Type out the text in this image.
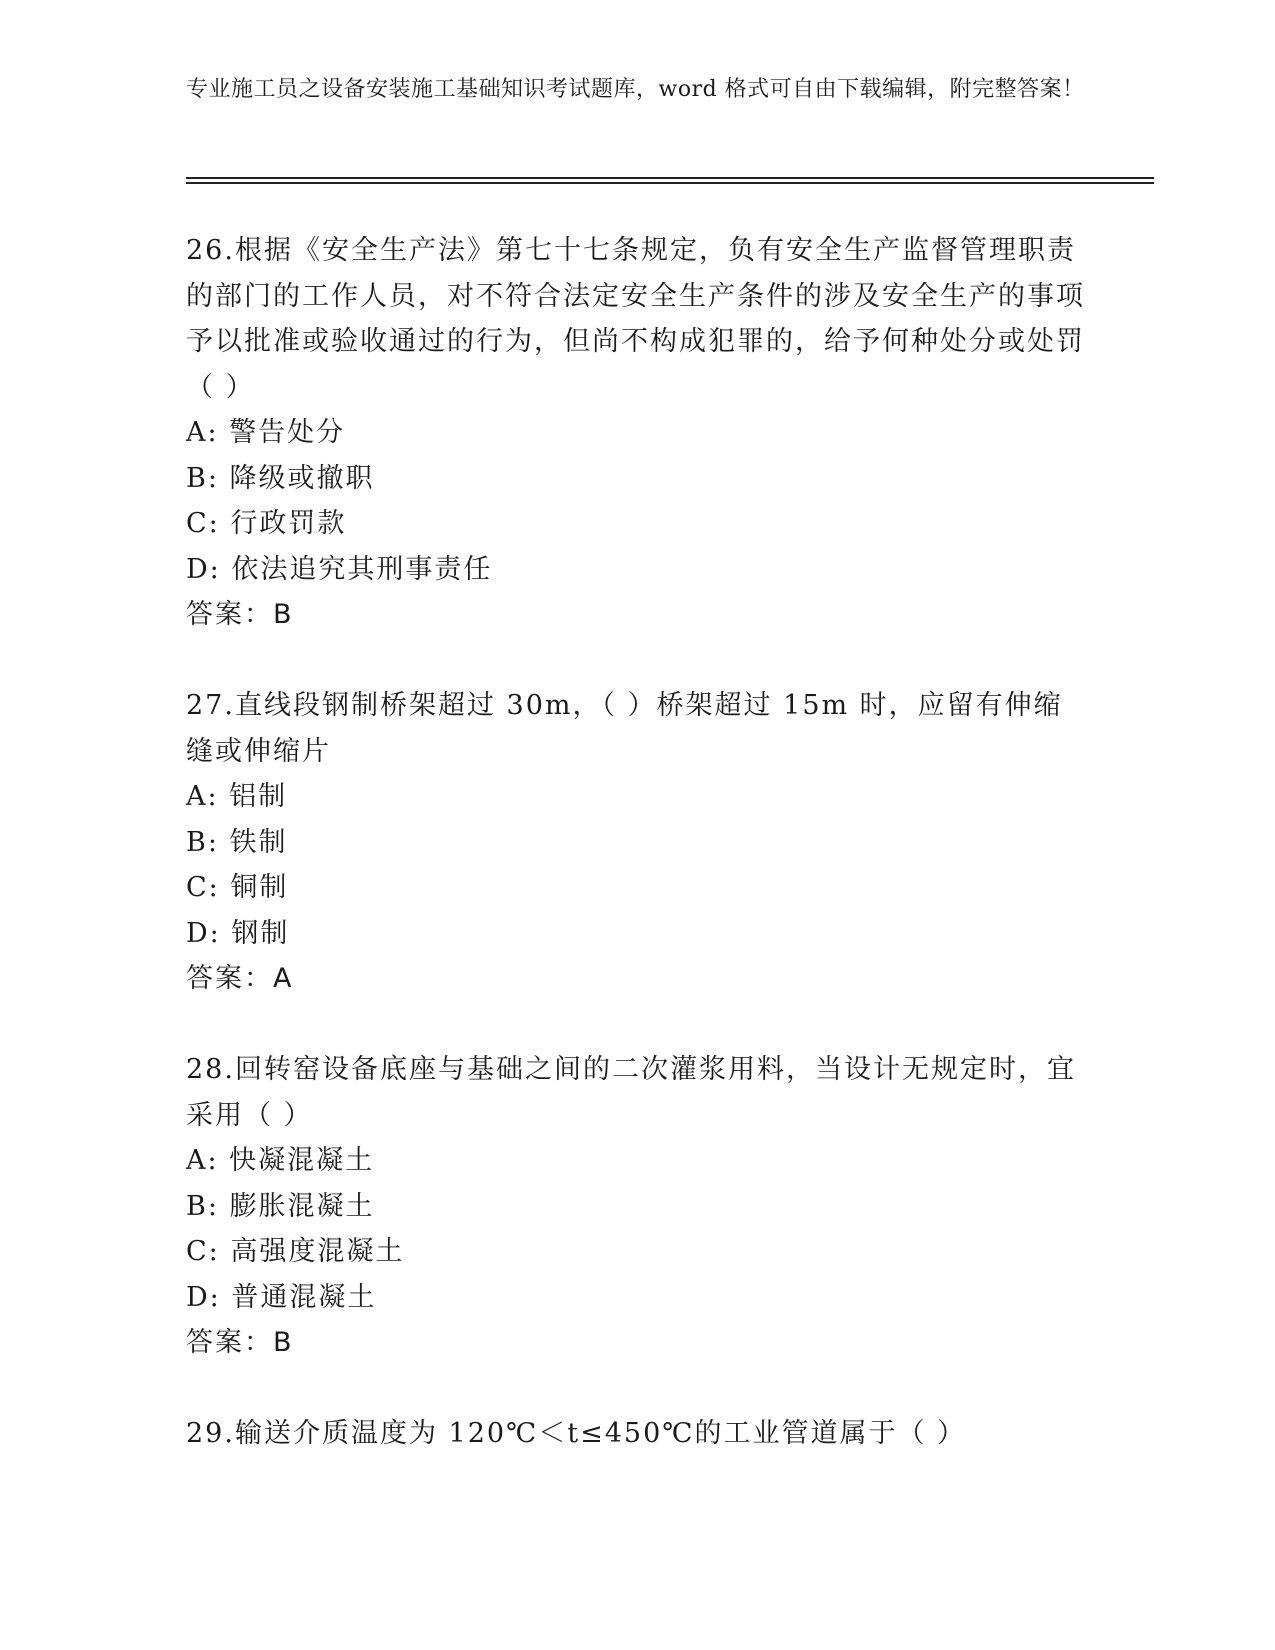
专业施工员之设备安装施工基础知识考试题库，word 格式可自由下载编辑，附完整答案！

26.根据《安全生产法》第七十七条规定，负有安全生产监督管理职责的部门的工作人员，对不符合法定安全生产条件的涉及安全生产的事项予以批准或验收通过的行为，但尚不构成犯罪的，给予何种处分或处罚（ ）

A: 警告处分

B: 降级或撤职

C: 行政罚款

D: 依法追究其刑事责任

答案：B

27.直线段钢制桥架超过 30m，（ ）桥架超过 15m 时，应留有伸缩缝或伸缩片

A: 铝制

B: 铁制

C: 铜制

D: 钢制

答案：A

28.回转窑设备底座与基础之间的二次灌浆用料，当设计无规定时，宜采用（ ）

A: 快凝混凝土

B: 膨胀混凝土

C: 高强度混凝土

D: 普通混凝土

答案：B

29.输送介质温度为 120℃＜t≤450℃的工业管道属于（ ）
